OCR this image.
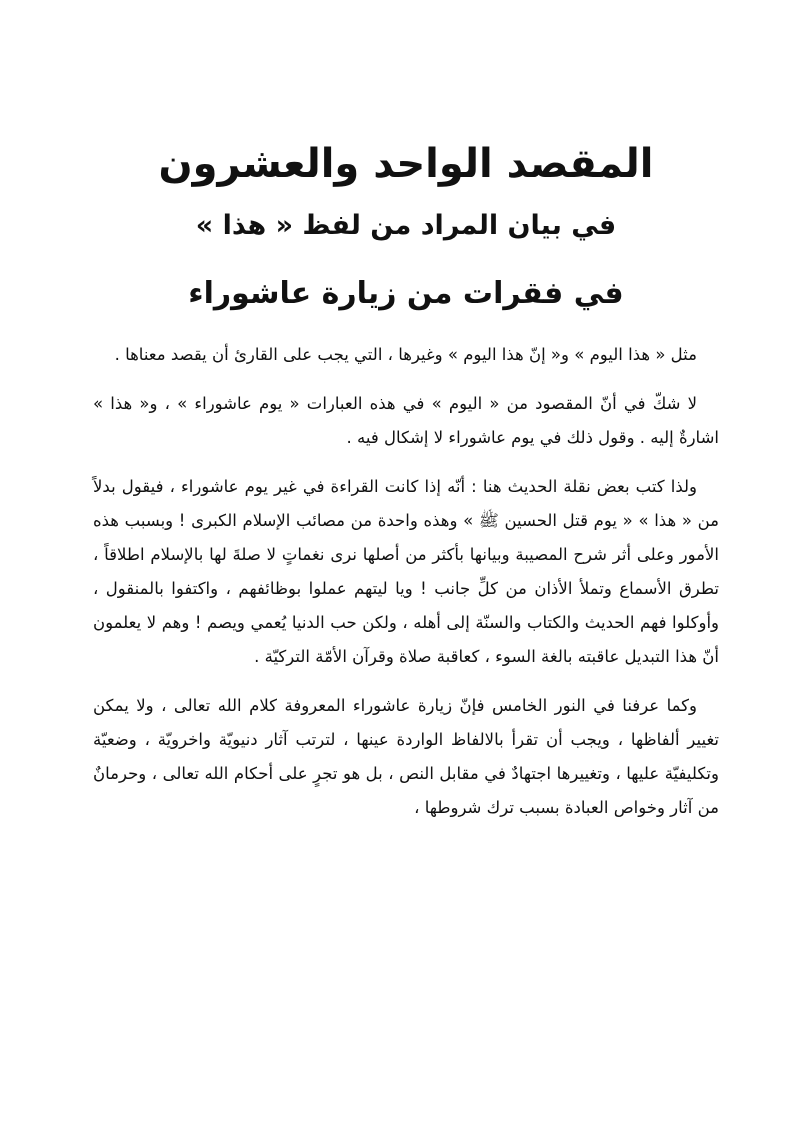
المقصد الواحد والعشرون
في بيان المراد من لفظ « هذا »
في فقرات من زيارة عاشوراء

مثل « هذا اليوم » و« إنّ هذا اليوم » وغيرها ، التي يجب على القارئ أن يقصد معناها .

لا شكّ في أنّ المقصود من « اليوم » في هذه العبارات « يوم عاشوراء » ، و« هذا » اشارةٌ إليه . وقول ذلك في يوم عاشوراء لا إشكال فيه .

ولذا كتب بعض نقلة الحديث هنا : أنّه إذا كانت القراءة في غير يوم عاشوراء ، فيقول بدلاً من « هذا » « يوم قتل الحسين ﷺ » وهذه واحدة من مصائب الإسلام الكبرى ! وبسبب هذه الأمور وعلى أثر شرح المصيبة وبيانها بأكثر من أصلها نرى نغماتٍ لا صلةَ لها بالإسلام اطلاقاً ، تطرق الأسماع وتملأ الأذان من كلِّ جانب ! ويا ليتهم عملوا بوظائفهم ، واكتفوا بالمنقول ، وأوكلوا فهم الحديث والكتاب والسنّة إلى أهله ، ولكن حب الدنيا يُعمي ويصم ! وهم لا يعلمون أنّ هذا التبديل عاقبته بالغة السوء ، كعاقبة صلاة وقرآن الأمّة التركيّة .

وكما عرفنا في النور الخامس فإنّ زيارة عاشوراء المعروفة كلام الله تعالى ، ولا يمكن تغيير ألفاظها ، ويجب أن تقرأ بالالفاظ الواردة عينها ، لترتب آثار دنيويّة واخرويّة ، وضعيّة وتكليفيّة عليها ، وتغييرها اجتهادٌ في مقابل النص ، بل هو تجرٍ على أحكام الله تعالى ، وحرمانٌ من آثار وخواص العبادة بسبب ترك شروطها ،
